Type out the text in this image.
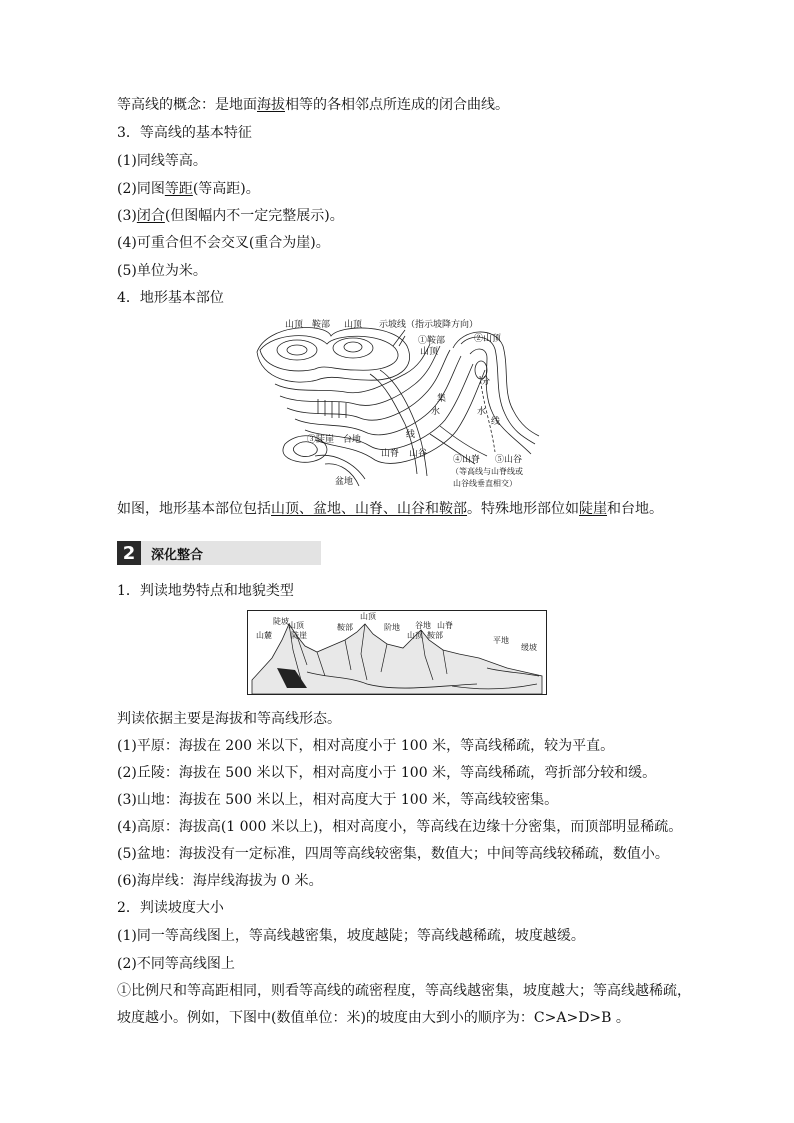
等高线的概念：是地面海拔相等的各相邻点所连成的闭合曲线。
3．等高线的基本特征
(1)同线等高。
(2)同图等距(等高距)。
(3)闭合(但图幅内不一定完整展示)。
(4)可重合但不会交叉(重合为崖)。
(5)单位为米。
4．地形基本部位
山顶 鞍部 山顶 示坡线（指示坡降方向）
①鞍部	②山顶
山顶
分
水
线
集
水
线
③陡崖 台地
盆地
山脊 山谷
④山脊 ⑤山谷
（等高线与山脊线或
山谷线垂直相交）
如图，地形基本部位包括山顶、盆地、山脊、山谷和鞍部。特殊地形部位如陡崖和台地。
2	深化整合
1．判读地势特点和地貌类型
陡坡 山顶
山麓 陡崖
鞍部
山顶
阶地 谷地
山顶 鞍部
山脊
平地
缓坡
判读依据主要是海拔和等高线形态。
(1)平原：海拔在 200 米以下，相对高度小于 100 米，等高线稀疏，较为平直。
(2)丘陵：海拔在 500 米以下，相对高度小于 100 米，等高线稀疏，弯折部分较和缓。
(3)山地：海拔在 500 米以上，相对高度大于 100 米，等高线较密集。
(4)高原：海拔高(1 000 米以上)，相对高度小，等高线在边缘十分密集，而顶部明显稀疏。
(5)盆地：海拔没有一定标准，四周等高线较密集，数值大；中间等高线较稀疏，数值小。
(6)海岸线：海岸线海拔为 0 米。
2．判读坡度大小
(1)同一等高线图上，等高线越密集，坡度越陡；等高线越稀疏，坡度越缓。
(2)不同等高线图上
①比例尺和等高距相同，则看等高线的疏密程度，等高线越密集，坡度越大；等高线越稀疏，
坡度越小。例如，下图中(数值单位：米)的坡度由大到小的顺序为：C>A>D>B 。
